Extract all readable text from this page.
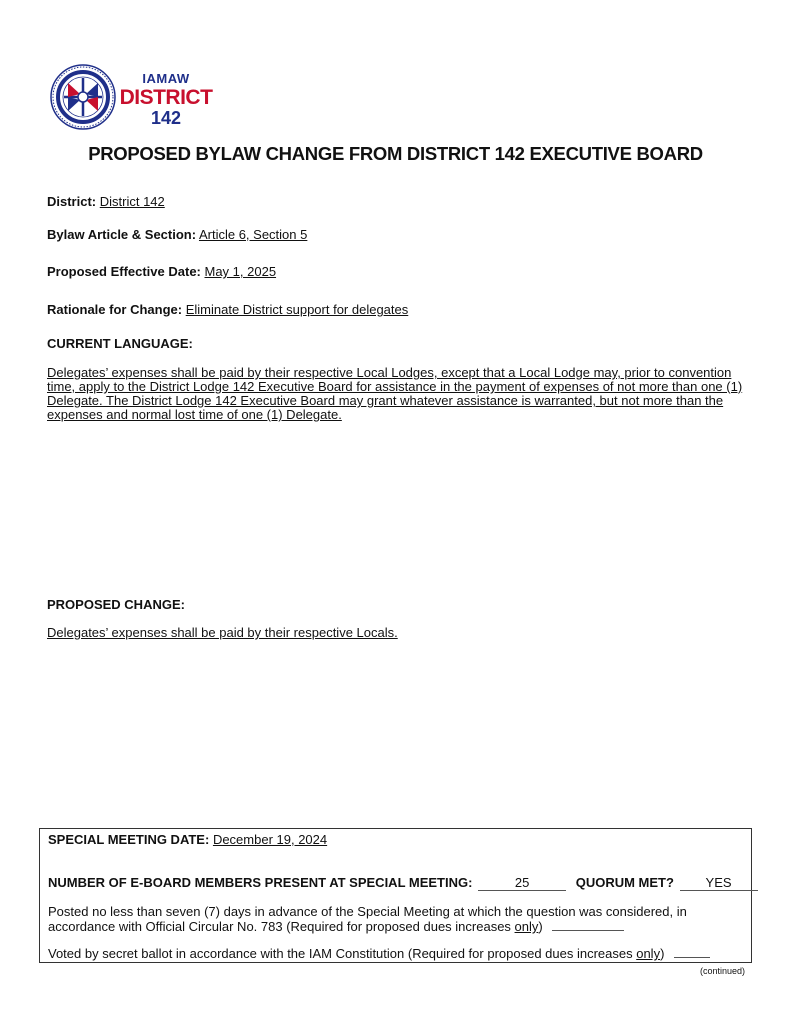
IAMAW
DISTRICT
142
PROPOSED BYLAW CHANGE FROM DISTRICT 142 EXECUTIVE BOARD
District: District 142
Bylaw Article & Section: Article 6, Section 5
Proposed Effective Date: May 1, 2025
Rationale for Change: Eliminate District support for delegates
CURRENT LANGUAGE:

Delegates’ expenses shall be paid by their respective Local Lodges, except that a Local Lodge may, prior to convention time, apply to the District Lodge 142 Executive Board for assistance in the payment of expenses of not more than one (1) Delegate. The District Lodge 142 Executive Board may grant whatever assistance is warranted, but not more than the expenses and normal lost time of one (1) Delegate.

PROPOSED CHANGE:

Delegates’ expenses shall be paid by their respective Locals.

SPECIAL MEETING DATE: December 19, 2024
NUMBER OF E-BOARD MEMBERS PRESENT AT SPECIAL MEETING:	25	QUORUM MET? YES
Posted no less than seven (7) days in advance of the Special Meeting at which the question was considered, in
accordance with Official Circular No. 783 (Required for proposed dues increases only)
Voted by secret ballot in accordance with the IAM Constitution (Required for proposed dues increases only)
(continued)
